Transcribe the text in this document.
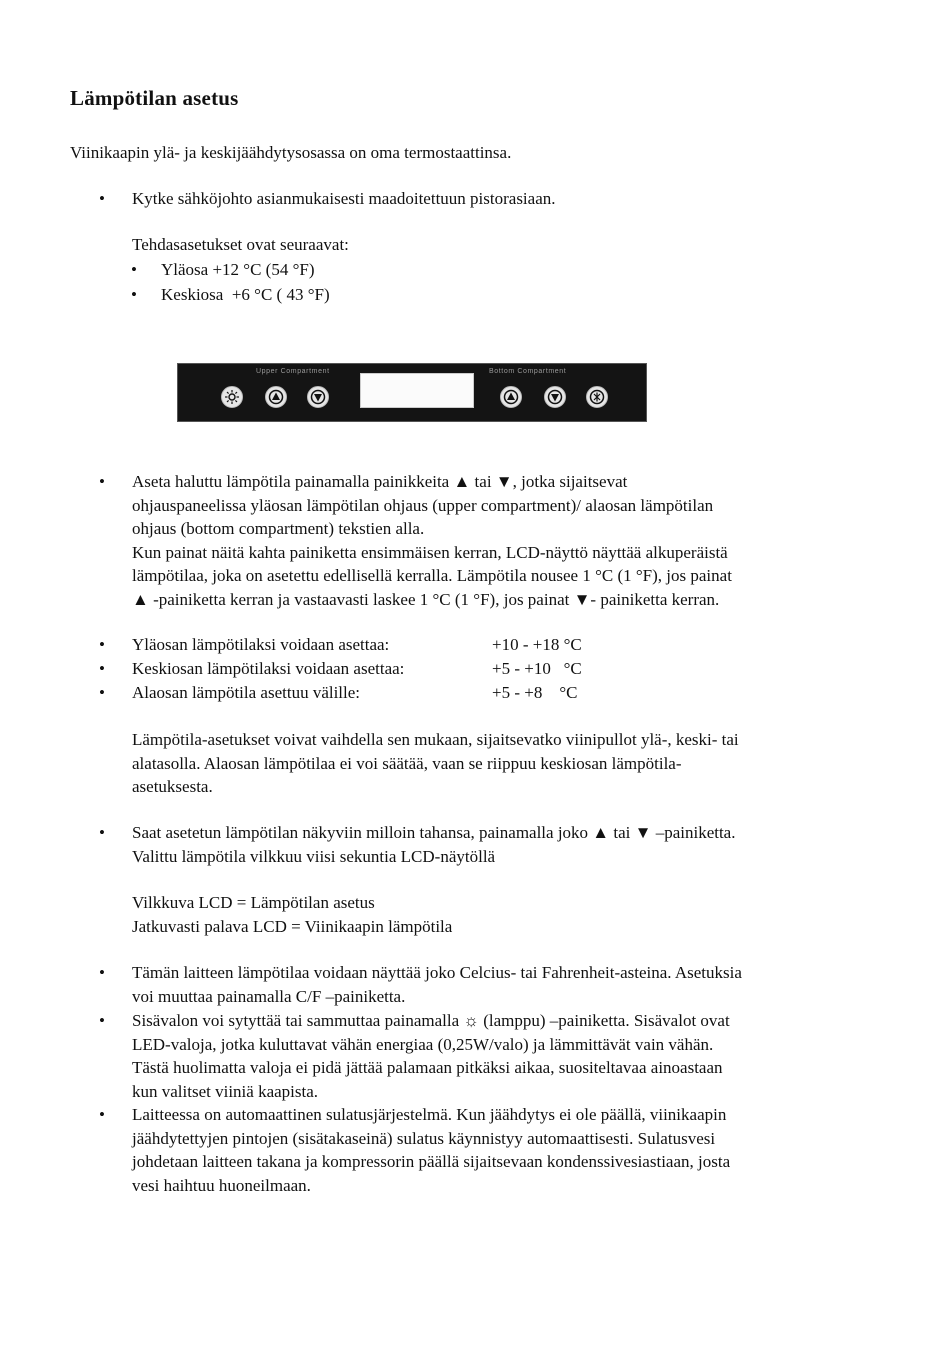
Lämpötilan asetus

Viinikaapin ylä- ja keskijäähdytysosassa on oma termostaattinsa.

• Kytke sähköjohto asianmukaisesti maadoitettuun pistorasiaan.

Tehdasasetukset ovat seuraavat:

• Yläosa +12 °C (54 °F)
• Keskiosa  +6 °C ( 43 °F)
Upper Compartment	Bottom Compartment
• Aseta haluttu lämpötila painamalla painikkeita ▲ tai ▼, jotka sijaitsevat
ohjauspaneelissa yläosan lämpötilan ohjaus (upper compartment)/ alaosan lämpötilan
ohjaus (bottom compartment) tekstien alla.
Kun painat näitä kahta painiketta ensimmäisen kerran, LCD-näyttö näyttää alkuperäistä
lämpötilaa, joka on asetettu edellisellä kerralla. Lämpötila nousee 1 °C (1 °F), jos painat
▲ -painiketta kerran ja vastaavasti laskee 1 °C (1 °F), jos painat ▼- painiketta kerran.
• Yläosan lämpötilaksi voidaan asettaa:	+10 - +18 °C
• Keskiosan lämpötilaksi voidaan asettaa:	+5 - +10   °C
• Alaosan lämpötila asettuu välille:	+5 - +8    °C
Lämpötila-asetukset voivat vaihdella sen mukaan, sijaitsevatko viinipullot ylä-, keski- tai
alatasolla. Alaosan lämpötilaa ei voi säätää, vaan se riippuu keskiosan lämpötila-
asetuksesta.
• Saat asetetun lämpötilan näkyviin milloin tahansa, painamalla joko ▲ tai ▼ –painiketta.
Valittu lämpötila vilkkuu viisi sekuntia LCD-näytöllä
Vilkkuva LCD = Lämpötilan asetus
Jatkuvasti palava LCD = Viinikaapin lämpötila
• Tämän laitteen lämpötilaa voidaan näyttää joko Celcius- tai Fahrenheit-asteina. Asetuksia
voi muuttaa painamalla C/F –painiketta.
• Sisävalon voi sytyttää tai sammuttaa painamalla ☼ (lamppu) –painiketta. Sisävalot ovat
LED-valoja, jotka kuluttavat vähän energiaa (0,25W/valo) ja lämmittävät vain vähän.
Tästä huolimatta valoja ei pidä jättää palamaan pitkäksi aikaa, suositeltavaa ainoastaan
kun valitset viiniä kaapista.
• Laitteessa on automaattinen sulatusjärjestelmä. Kun jäähdytys ei ole päällä, viinikaapin
jäähdytettyjen pintojen (sisätakaseinä) sulatus käynnistyy automaattisesti. Sulatusvesi
johdetaan laitteen takana ja kompressorin päällä sijaitsevaan kondenssivesiastiaan, josta
vesi haihtuu huoneilmaan.
